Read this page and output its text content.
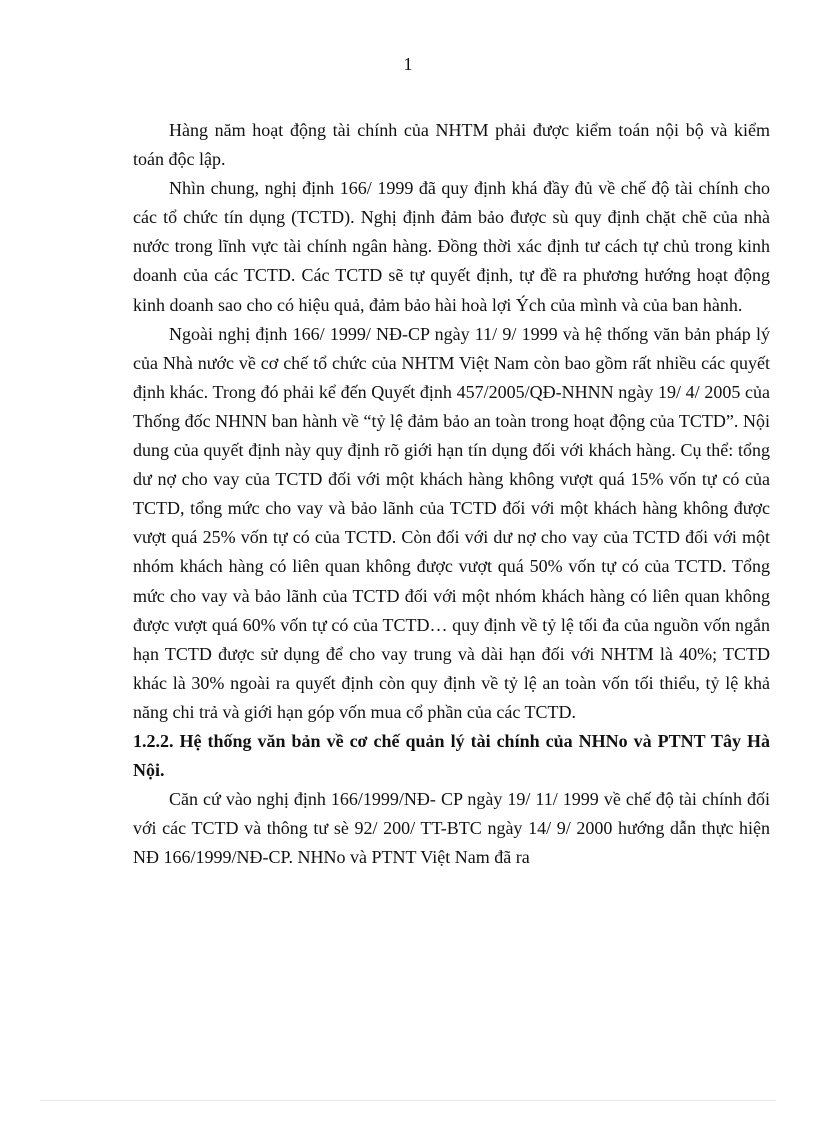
1

Hàng năm hoạt động tài chính của NHTM phải được kiểm toán nội bộ và kiểm toán độc lập.

Nhìn chung, nghị định 166/ 1999 đã quy định khá đầy đủ về chế độ tài chính cho các tổ chức tín dụng (TCTD). Nghị định đảm bảo được sù quy định chặt chẽ của nhà nước trong lĩnh vực tài chính ngân hàng. Đồng thời xác định tư cách tự chủ trong kinh doanh của các TCTD. Các TCTD sẽ tự quyết định, tự đề ra phương hướng hoạt động kinh doanh sao cho có hiệu quả, đảm bảo hài hoà lợi Ých của mình và của ban hành.

Ngoài nghị định 166/ 1999/ NĐ-CP ngày 11/ 9/ 1999 và hệ thống văn bản pháp lý của Nhà nước về cơ chế tổ chức của NHTM Việt Nam còn bao gồm rất nhiều các quyết định khác. Trong đó phải kể đến Quyết định 457/2005/QĐ-NHNN ngày 19/ 4/ 2005 của Thống đốc NHNN ban hành về “tỷ lệ đảm bảo an toàn trong hoạt động của TCTD”. Nội dung của quyết định này quy định rõ giới hạn tín dụng đối với khách hàng. Cụ thể: tổng dư nợ cho vay của TCTD đối với một khách hàng không vượt quá 15% vốn tự có của TCTD, tổng mức cho vay và bảo lãnh của TCTD đối với một khách hàng không được vượt quá 25% vốn tự có của TCTD. Còn đối với dư nợ cho vay của TCTD đối với một nhóm khách hàng có liên quan không được vượt quá 50% vốn tự có của TCTD. Tổng mức cho vay và bảo lãnh của TCTD đối với một nhóm khách hàng có liên quan không được vượt quá 60% vốn tự có của TCTD… quy định về tỷ lệ tối đa của nguồn vốn ngắn hạn TCTD được sử dụng để cho vay trung và dài hạn đối với NHTM là 40%; TCTD khác là 30% ngoài ra quyết định còn quy định về tỷ lệ an toàn vốn tối thiểu, tỷ lệ khả năng chi trả và giới hạn góp vốn mua cổ phần của các TCTD.

1.2.2. Hệ thống văn bản về cơ chế quản lý tài chính của NHNo và PTNT Tây Hà Nội.

Căn cứ vào nghị định 166/1999/NĐ- CP ngày 19/ 11/ 1999 về chế độ tài chính đối với các TCTD và thông tư sè 92/ 200/ TT-BTC ngày 14/ 9/ 2000 hướng dẫn thực hiện NĐ 166/1999/NĐ-CP. NHNo và PTNT Việt Nam đã ra
